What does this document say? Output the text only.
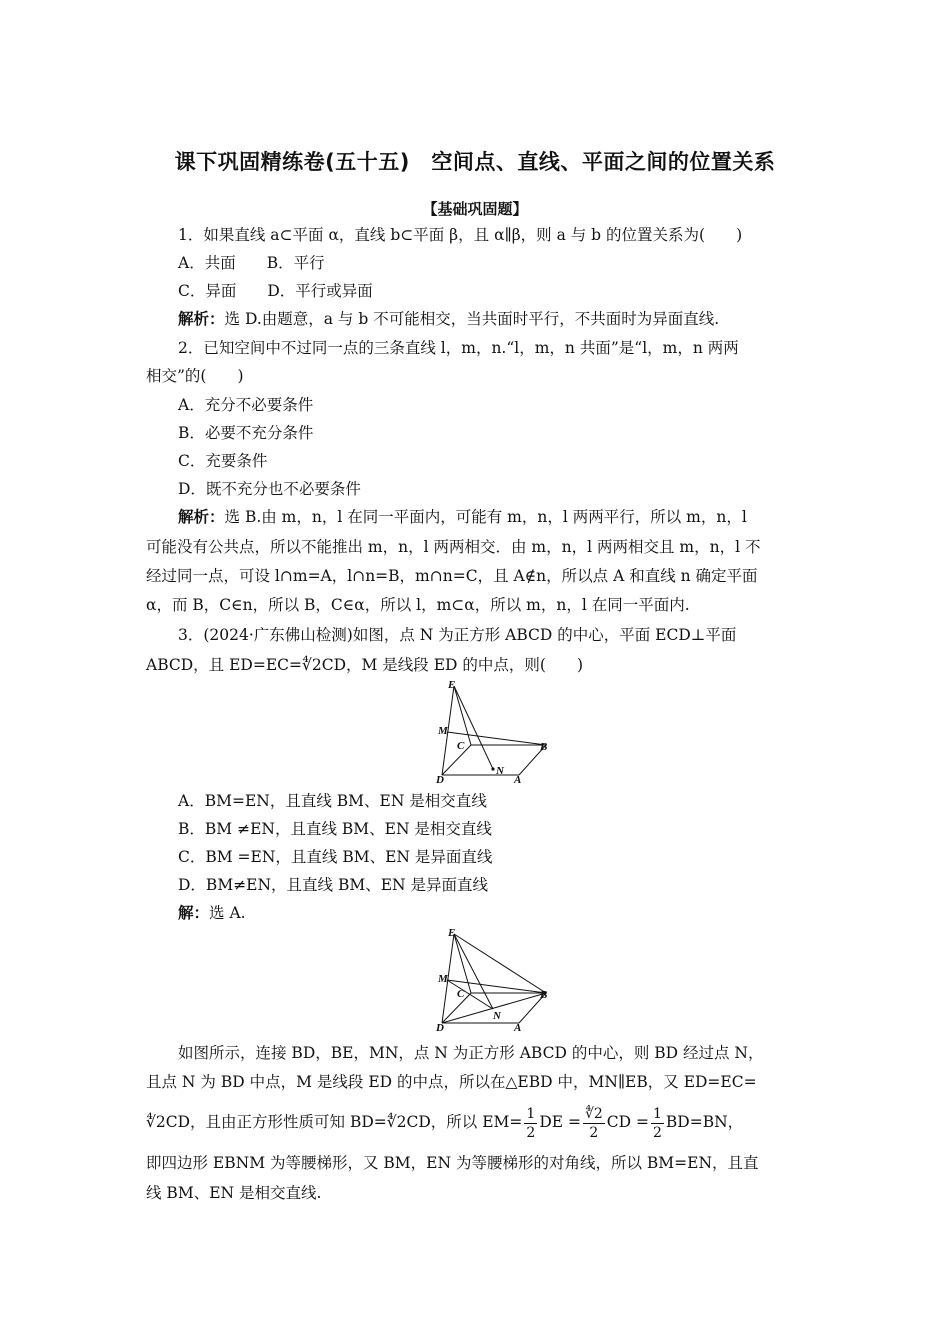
课下巩固精练卷(五十五)　空间点、直线、平面之间的位置关系
【基础巩固题】
1．如果直线 a⊂平面 α，直线 b⊂平面 β，且 α∥β，则 a 与 b 的位置关系为(　　)
A．共面　　B．平行
C．异面　　D．平行或异面
解析：选 D.由题意，a 与 b 不可能相交，当共面时平行，不共面时为异面直线.
2．已知空间中不过同一点的三条直线 l，m，n.“l，m，n 共面”是“l，m，n 两两
相交”的(　　)
A．充分不必要条件
B．必要不充分条件
C．充要条件
D．既不充分也不必要条件
解析：选 B.由 m，n，l 在同一平面内，可能有 m，n，l 两两平行，所以 m，n，l
可能没有公共点，所以不能推出 m，n，l 两两相交．由 m，n，l 两两相交且 m，n，l 不
经过同一点，可设 l∩m=A，l∩n=B，m∩n=C，且 A∉n，所以点 A 和直线 n 确定平面
α，而 B，C∈n，所以 B，C∈α，所以 l，m⊂α，所以 m，n，l 在同一平面内.
3．(2024·广东佛山检测)如图，点 N 为正方形 ABCD 的中心，平面 ECD⊥平面
ABCD，且 ED=EC=∜2CD，M 是线段 ED 的中点，则(　　)
E
M
C
N
B
D	A
A．BM=EN，且直线 BM、EN 是相交直线
B．BM ≠EN，且直线 BM、EN 是相交直线
C．BM =EN，且直线 BM、EN 是异面直线
D．BM≠EN，且直线 BM、EN 是异面直线
解：选 A.
E
M
C
N
B
D	A
如图所示，连接 BD，BE，MN，点 N 为正方形 ABCD 的中心，则 BD 经过点 N，
且点 N 为 BD 中点，M 是线段 ED 的中点，所以在△EBD 中，MN∥EB，又 ED=EC=
∜2CD，且由正方形性质可知 BD=∜2CD，所以 $EM= \frac{1}{2}$ DE = $\frac{∜2}{2}$ CD = $\frac{1}{2} BD=BN$，
即四边形 EBNM 为等腰梯形，又 BM，EN 为等腰梯形的对角线，所以 BM=EN，且直
线 BM、EN 是相交直线.
